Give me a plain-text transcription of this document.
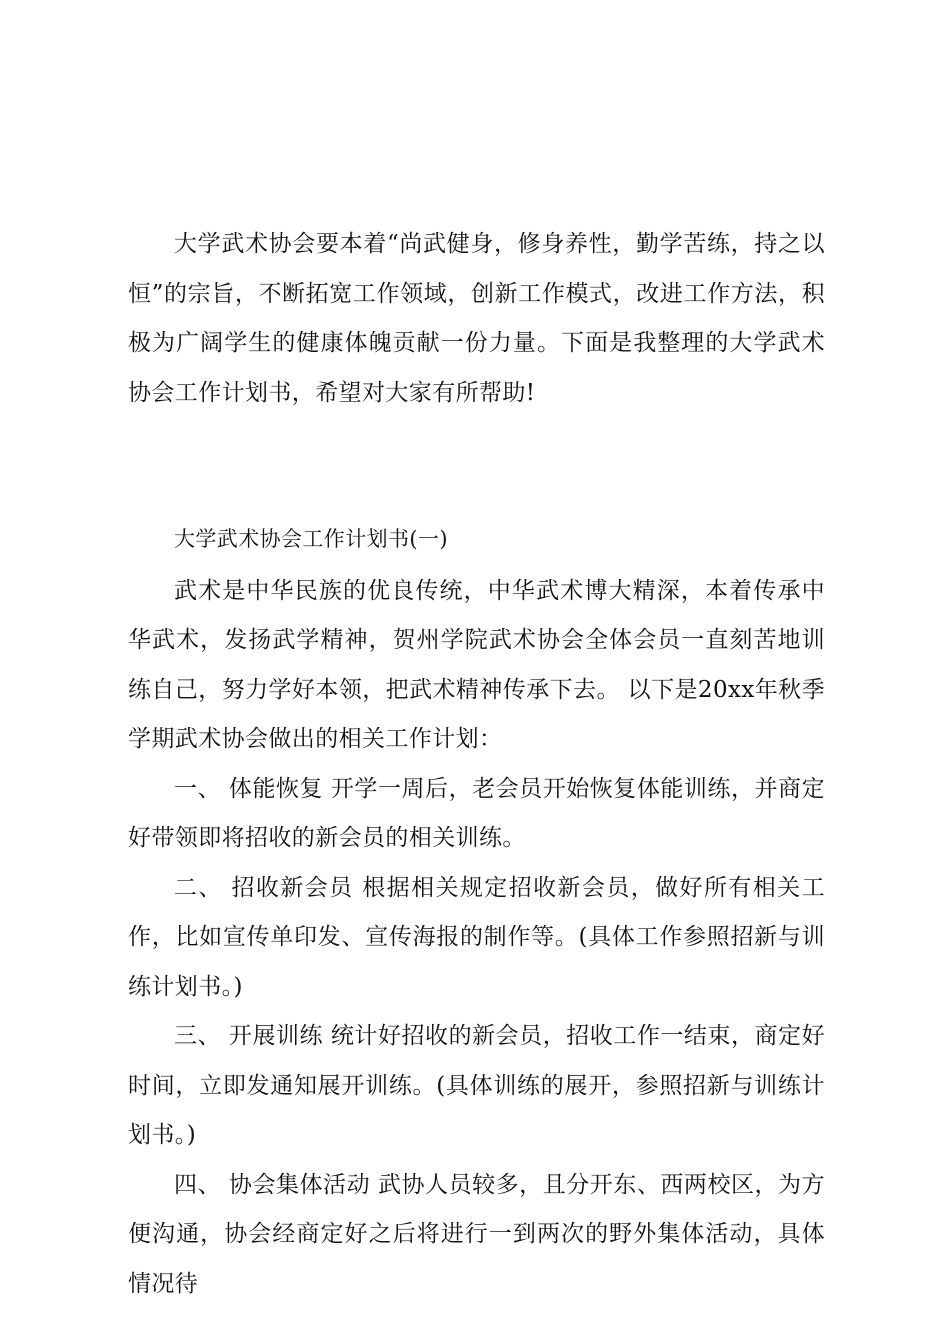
大学武术协会要本着“尚武健身，修身养性，勤学苦练，持之以恒”的宗旨，不断拓宽工作领域，创新工作模式，改进工作方法，积极为广阔学生的健康体魄贡献一份力量。下面是我整理的大学武术协会工作计划书，希望对大家有所帮助!

大学武术协会工作计划书(一)

武术是中华民族的优良传统，中华武术博大精深，本着传承中华武术，发扬武学精神，贺州学院武术协会全体会员一直刻苦地训练自己，努力学好本领，把武术精神传承下去。 以下是20xx年秋季学期武术协会做出的相关工作计划：

一、 体能恢复 开学一周后，老会员开始恢复体能训练，并商定好带领即将招收的新会员的相关训练。

二、 招收新会员 根据相关规定招收新会员，做好所有相关工作，比如宣传单印发、宣传海报的制作等。(具体工作参照招新与训练计划书。)

三、 开展训练 统计好招收的新会员，招收工作一结束，商定好时间，立即发通知展开训练。(具体训练的展开，参照招新与训练计划书。)

四、 协会集体活动 武协人员较多，且分开东、西两校区，为方便沟通，协会经商定好之后将进行一到两次的野外集体活动，具体情况待
